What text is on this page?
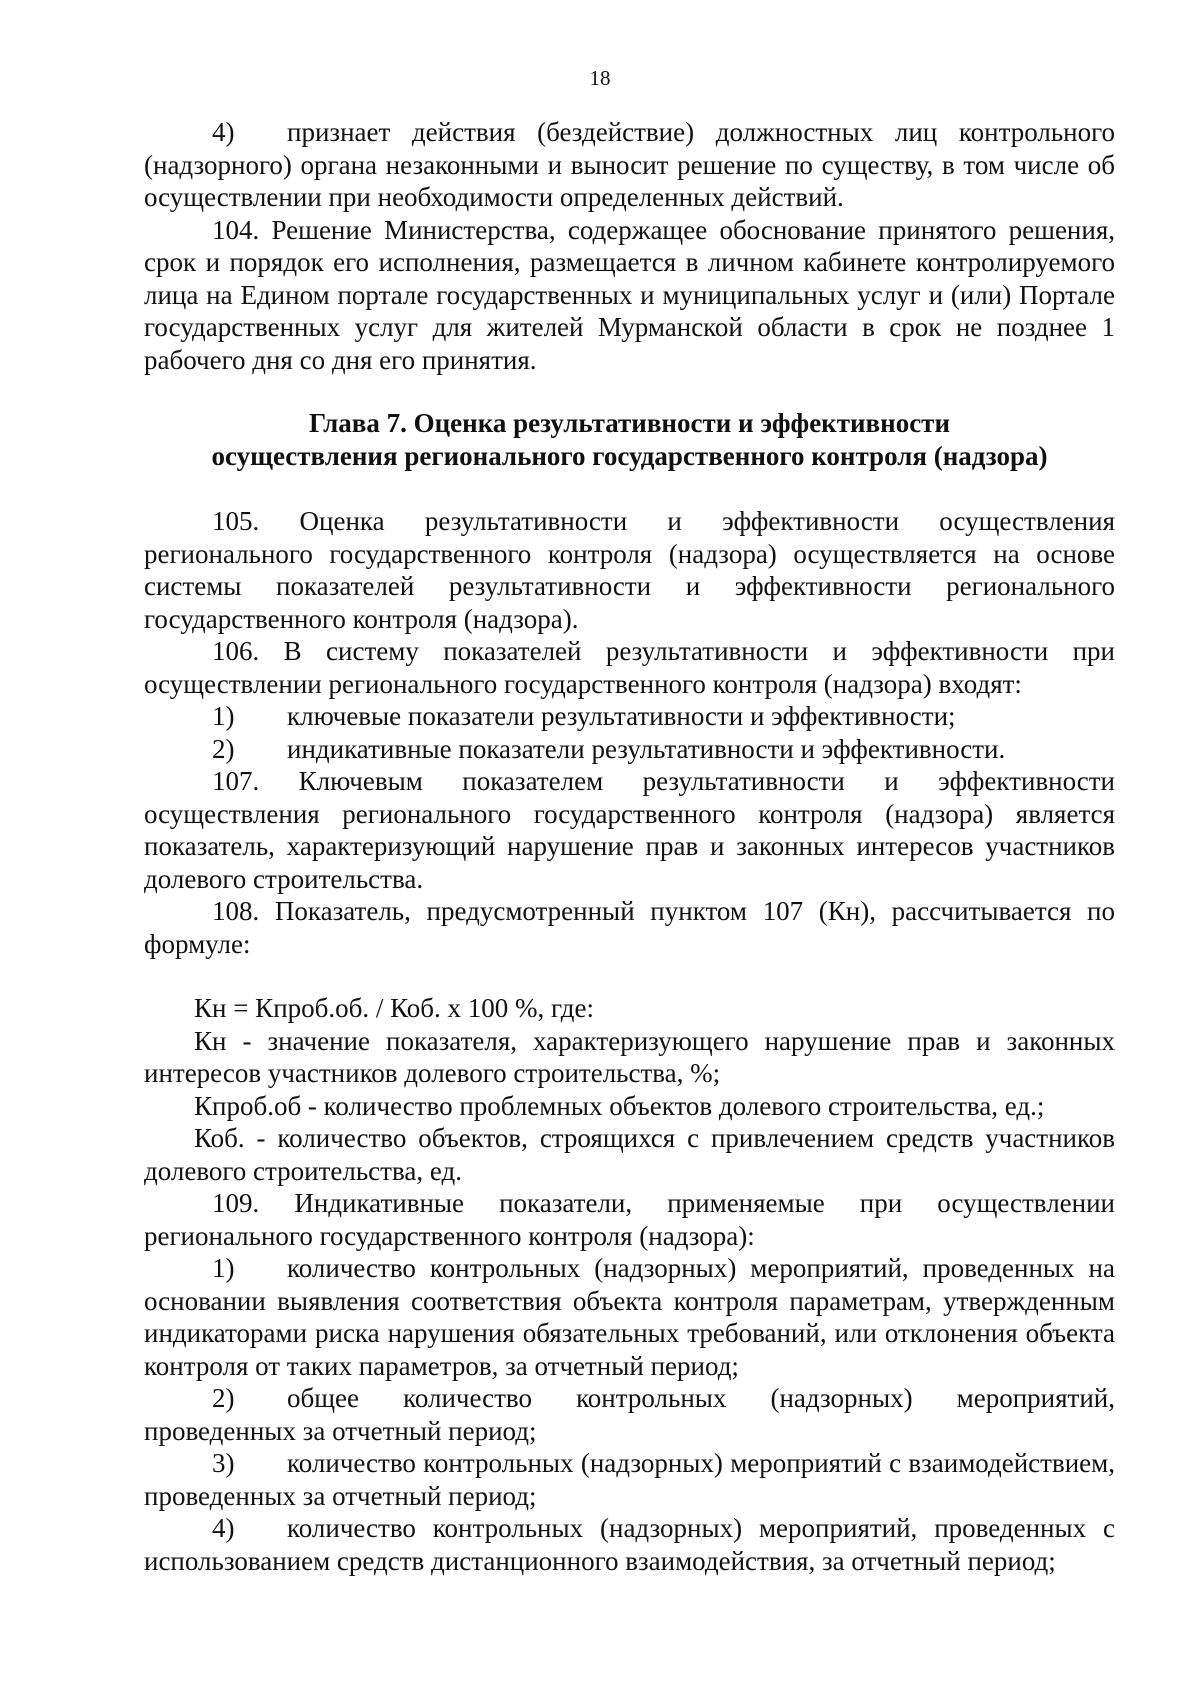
18

4) признает действия (бездействие) должностных лиц контрольного (надзорного) органа незаконными и выносит решение по существу, в том числе об осуществлении при необходимости определенных действий.

104. Решение Министерства, содержащее обоснование принятого решения, срок и порядок его исполнения, размещается в личном кабинете контролируемого лица на Едином портале государственных и муниципальных услуг и (или) Портале государственных услуг для жителей Мурманской области в срок не позднее 1 рабочего дня со дня его принятия.

Глава 7. Оценка результативности и эффективности
осуществления регионального государственного контроля (надзора)

105. Оценка результативности и эффективности осуществления регионального государственного контроля (надзора) осуществляется на основе системы показателей результативности и эффективности регионального государственного контроля (надзора).

106. В систему показателей результативности и эффективности при осуществлении регионального государственного контроля (надзора) входят:

1) ключевые показатели результативности и эффективности;

2) индикативные показатели результативности и эффективности.

107. Ключевым показателем результативности и эффективности осуществления регионального государственного контроля (надзора) является показатель, характеризующий нарушение прав и законных интересов участников долевого строительства.

108. Показатель, предусмотренный пунктом 107 (Кн), рассчитывается по формуле:

Кн = Кпроб.об. / Коб. х 100 %, где:

Кн - значение показателя, характеризующего нарушение прав и законных интересов участников долевого строительства, %;

Кпроб.об - количество проблемных объектов долевого строительства, ед.;

Коб. - количество объектов, строящихся с привлечением средств участников долевого строительства, ед.

109. Индикативные показатели, применяемые при осуществлении регионального государственного контроля (надзора):

1) количество контрольных (надзорных) мероприятий, проведенных на основании выявления соответствия объекта контроля параметрам, утвержденным индикаторами риска нарушения обязательных требований, или отклонения объекта контроля от таких параметров, за отчетный период;

2) общее количество контрольных (надзорных) мероприятий, проведенных за отчетный период;

3) количество контрольных (надзорных) мероприятий с взаимодействием, проведенных за отчетный период;

4) количество контрольных (надзорных) мероприятий, проведенных с использованием средств дистанционного взаимодействия, за отчетный период;
